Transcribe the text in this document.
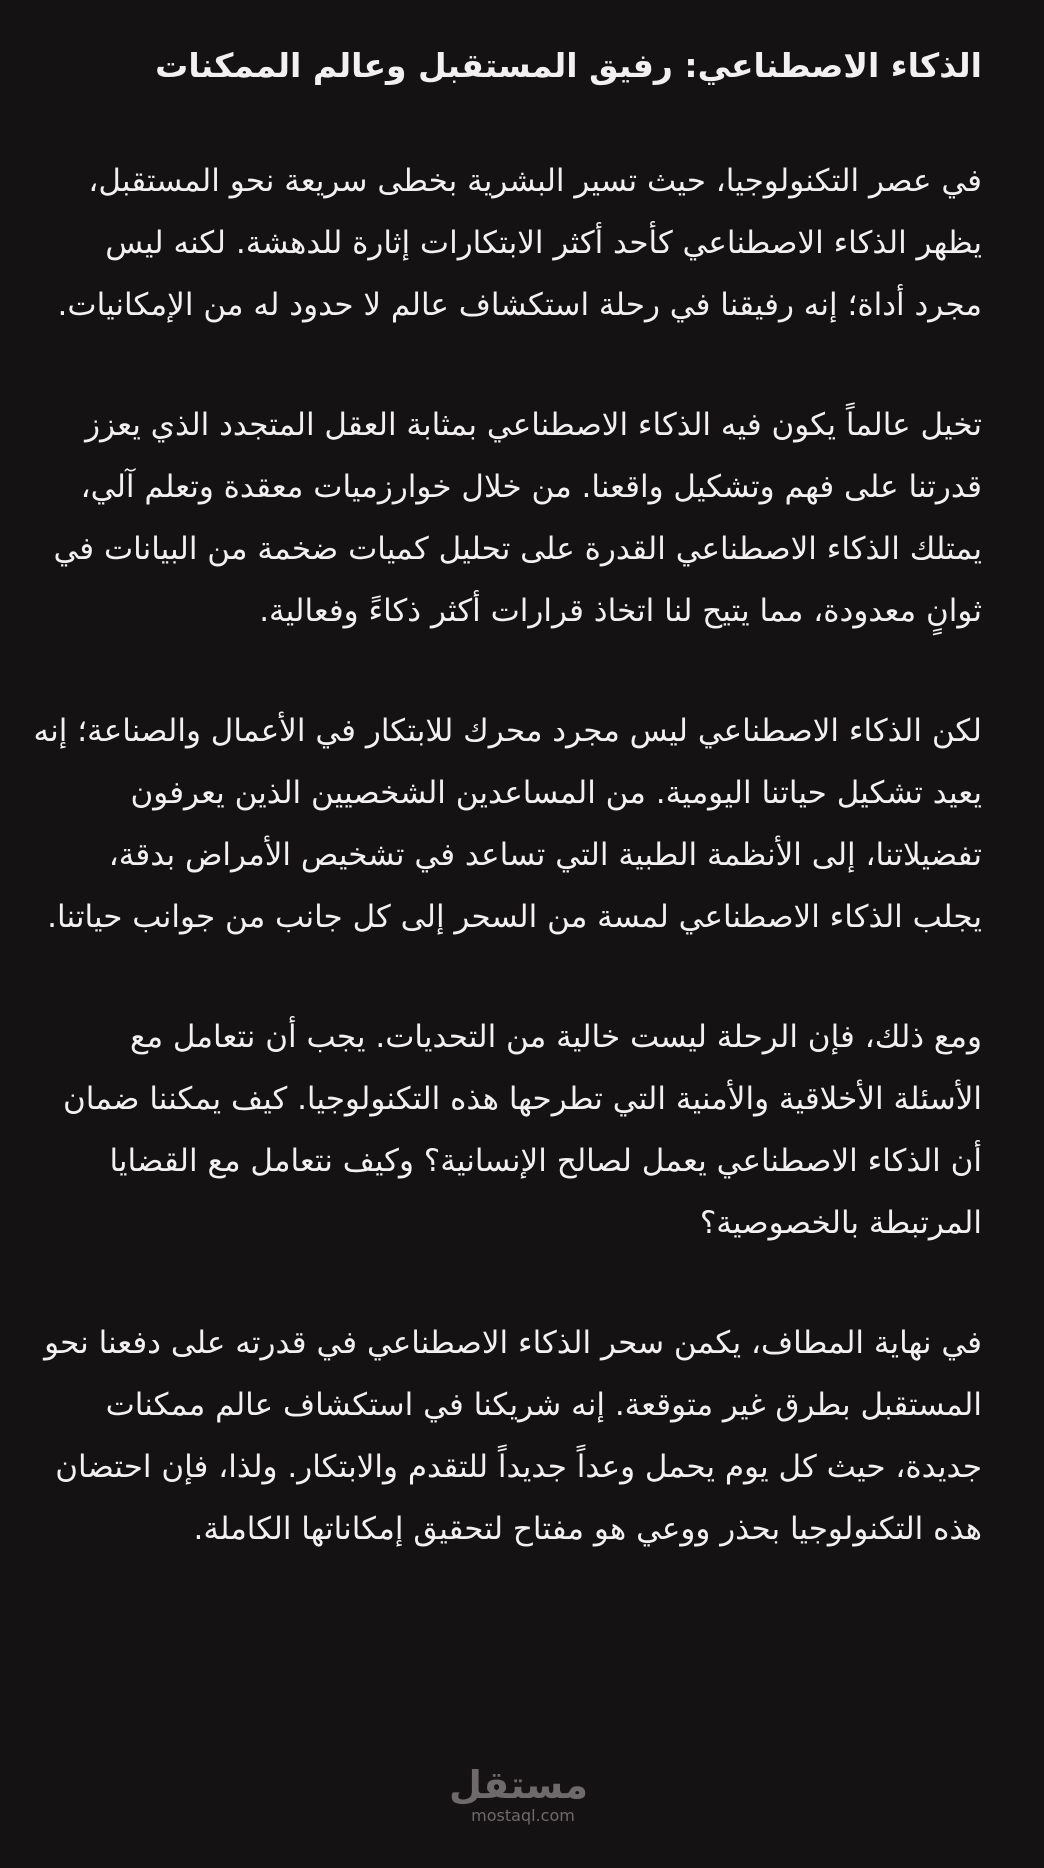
الذكاء الاصطناعي: رفيق المستقبل وعالم الممكنات

في عصر التكنولوجيا، حيث تسير البشرية بخطى سريعة نحو المستقبل، يظهر الذكاء الاصطناعي كأحد أكثر الابتكارات إثارة للدهشة. لكنه ليس مجرد أداة؛ إنه رفيقنا في رحلة استكشاف عالم لا حدود له من الإمكانيات.

تخيل عالماً يكون فيه الذكاء الاصطناعي بمثابة العقل المتجدد الذي يعزز قدرتنا على فهم وتشكيل واقعنا. من خلال خوارزميات معقدة وتعلم آلي، يمتلك الذكاء الاصطناعي القدرة على تحليل كميات ضخمة من البيانات في ثوانٍ معدودة، مما يتيح لنا اتخاذ قرارات أكثر ذكاءً وفعالية.

لكن الذكاء الاصطناعي ليس مجرد محرك للابتكار في الأعمال والصناعة؛ إنه يعيد تشكيل حياتنا اليومية. من المساعدين الشخصيين الذين يعرفون تفضيلاتنا، إلى الأنظمة الطبية التي تساعد في تشخيص الأمراض بدقة، يجلب الذكاء الاصطناعي لمسة من السحر إلى كل جانب من جوانب حياتنا.

ومع ذلك، فإن الرحلة ليست خالية من التحديات. يجب أن نتعامل مع الأسئلة الأخلاقية والأمنية التي تطرحها هذه التكنولوجيا. كيف يمكننا ضمان أن الذكاء الاصطناعي يعمل لصالح الإنسانية؟ وكيف نتعامل مع القضايا المرتبطة بالخصوصية؟

في نهاية المطاف، يكمن سحر الذكاء الاصطناعي في قدرته على دفعنا نحو المستقبل بطرق غير متوقعة. إنه شريكنا في استكشاف عالم ممكنات جديدة، حيث كل يوم يحمل وعداً جديداً للتقدم والابتكار. ولذا، فإن احتضان هذه التكنولوجيا بحذر ووعي هو مفتاح لتحقيق إمكاناتها الكاملة.

مستقل
mostaql.com
